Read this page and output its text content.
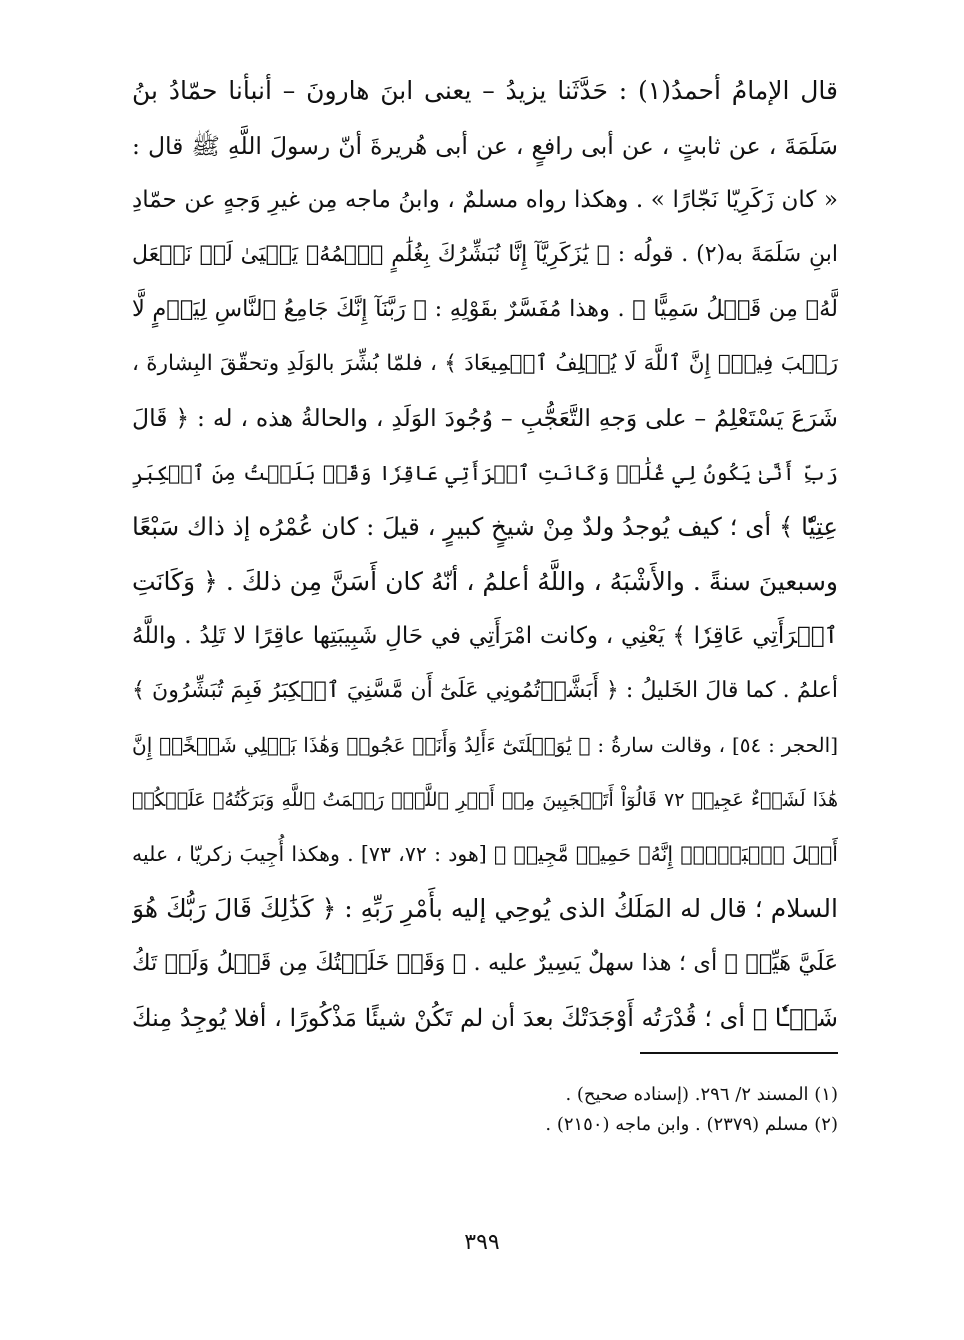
قال الإمامُ أحمدُ(١) : حَدَّثَنا يزيدُ – يعنى ابنَ هارونَ – أنبأنا حمّادُ بنُ
سَلَمَةَ ، عن ثابتٍ ، عن أبى رافعٍ ، عن أبى هُريرةَ أنّ رسولَ اللَّهِ ﷺ قال :
« كان زَكَرِيّا نَجّارًا » . وهكذا رواه مسلمٌ ، وابنُ ماجه مِن غيرِ وَجهٍ عن حمّادِ
ابنِ سَلَمَةَ به(٢) . قولُه : ﴿ يَٰزَكَرِيَّآ إِنَّا نُبَشِّرُكَ بِغُلَٰمٍ ٱسۡمُهُۥ يَحۡيَىٰ لَمۡ نَجۡعَل
لَّهُۥ مِن قَبۡلُ سَمِيًّا ﴾ . وهذا مُفَسَّرٌ بقَوْلِهِ : ﴿ رَبَّنَآ إِنَّكَ جَامِعُ ٱلنَّاسِ لِيَوۡمٍ لَّا
رَيۡبَ فِيهِۚ إِنَّ ٱللَّهَ لَا يُخۡلِفُ ٱلۡمِيعَادَ ﴾ ، فلمّا بُشِّرَ بالوَلَدِ وتحقّقَ البِشارةَ ،
شَرَعَ يَسْتَعْلِمُ – على وَجهِ التَّعَجُّبِ – وُجُودَ الوَلَدِ ، والحالةُ هذه ، له : ﴿ قَالَ
رَبِّ أَنَّىٰ يَكُونُ لِي غُلَٰمٞ وَكَانَتِ ٱمۡرَأَتِي عَاقِرٗا وَقَدۡ بَلَغۡتُ مِنَ ٱلۡكِبَرِ
عِتِيّٗا ﴾ أى ؛ كيف يُوجدُ ولدٌ مِنْ شيخٍ كبيرٍ ، قيلَ : كان عُمْرُه إذ ذاك سَبْعًا
وسبعينَ سنةً . والأَشْبَهُ ، واللَّهُ أعلمُ ، أنّهُ كان أَسَنَّ مِن ذلكَ . ﴿ وَكَانَتِ
ٱمۡرَأَتِي عَاقِرٗا ﴾ يَعْنِي ، وكانت امْرَأَتِي في حَالِ شَبِيبَتِها عاقِرًا لا تَلِدُ . واللَّهُ
أعلمُ . كما قالَ الخَليلُ : ﴿ أَبَشَّرۡتُمُونِي عَلَىٰٓ أَن مَّسَّنِيَ ٱلۡكِبَرُ فَبِمَ تُبَشِّرُونَ ﴾
[الحجر : ٥٤] ، وقالت سارةُ : ﴿ يَٰوَيۡلَتَىٰٓ ءَأَلِدُ وَأَنَا۠ عَجُوزٞ وَهَٰذَا بَعۡلِي شَيۡخًاۖ إِنَّ
هَٰذَا لَشَيۡءٌ عَجِيبٞ ٧٢ قَالُوٓاْ أَتَعۡجَبِينَ مِنۡ أَمۡرِ ٱللَّهِۖ رَحۡمَتُ ٱللَّهِ وَبَرَكَٰتُهُۥ عَلَيۡكُمۡ
أَهۡلَ ٱلۡبَيۡتِۚ إِنَّهُۥ حَمِيدٞ مَّجِيدٞ ﴾ [هود : ٧٢، ٧٣] . وهكذا أُجِيبَ زكريّا ، عليه
السلام ؛ قال له المَلَكُ الذى يُوحِي إليه بأَمْرِ رَبِّهِ : ﴿ كَذَٰلِكَ قَالَ رَبُّكَ هُوَ
عَلَيَّ هَيِّنٞ ﴾ أى ؛ هذا سهلٌ يَسِيرٌ عليه . ﴿ وَقَدۡ خَلَقۡتُكَ مِن قَبۡلُ وَلَمۡ تَكُ
شَيۡـٔٗا ﴾ أى ؛ قُدْرَتُه أَوْجَدَتْكَ بعدَ أن لم تَكُنْ شيئًا مَذْكُورًا ، أفلا يُوجِدُ مِنكَ
(١) المسند ٢/ ٢٩٦. (إسناده صحيح) .
(٢) مسلم (٢٣٧٩) . وابن ماجه (٢١٥٠) .
٣٩٩
